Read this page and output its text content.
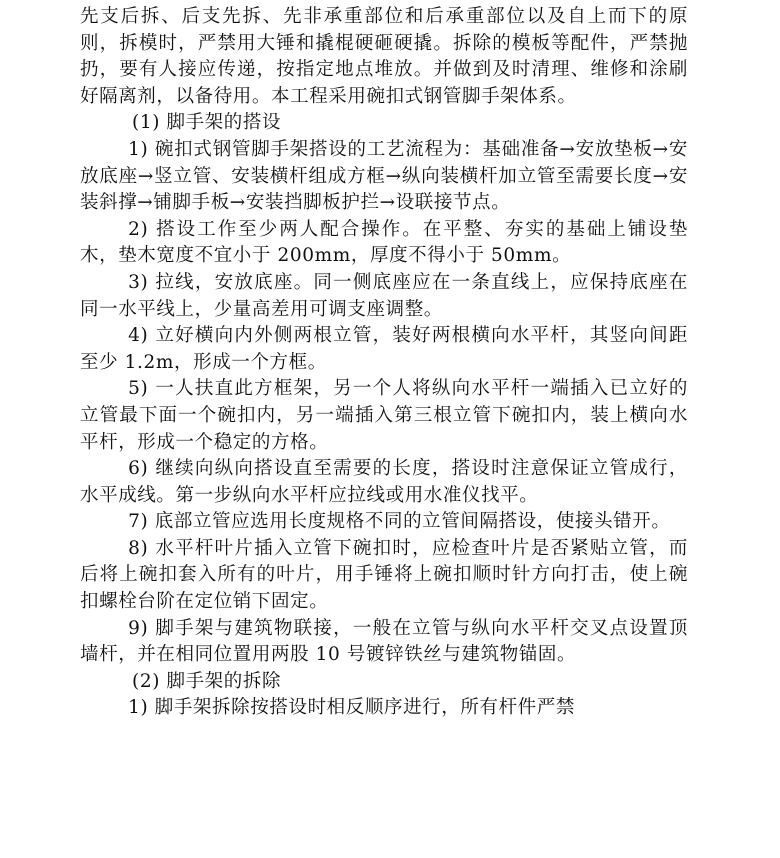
先支后拆、后支先拆、先非承重部位和后承重部位以及自上而下的原则，拆模时，严禁用大锤和撬棍硬砸硬撬。拆除的模板等配件，严禁抛扔，要有人接应传递，按指定地点堆放。并做到及时清理、维修和涂刷好隔离剂，以备待用。本工程采用碗扣式钢管脚手架体系。

(1) 脚手架的搭设

1) 碗扣式钢管脚手架搭设的工艺流程为：基础准备→安放垫板→安放底座→竖立管、安装横杆组成方框→纵向装横杆加立管至需要长度→安装斜撑→铺脚手板→安装挡脚板护拦→设联接节点。

2) 搭设工作至少两人配合操作。在平整、夯实的基础上铺设垫木，垫木宽度不宜小于 200mm，厚度不得小于 50mm。

3) 拉线，安放底座。同一侧底座应在一条直线上，应保持底座在同一水平线上，少量高差用可调支座调整。

4) 立好横向内外侧两根立管，装好两根横向水平杆，其竖向间距至少 1.2m，形成一个方框。

5) 一人扶直此方框架，另一个人将纵向水平杆一端插入已立好的立管最下面一个碗扣内，另一端插入第三根立管下碗扣内，装上横向水平杆，形成一个稳定的方格。

6) 继续向纵向搭设直至需要的长度，搭设时注意保证立管成行，水平成线。第一步纵向水平杆应拉线或用水准仪找平。

7) 底部立管应选用长度规格不同的立管间隔搭设，使接头错开。

8) 水平杆叶片插入立管下碗扣时，应检查叶片是否紧贴立管，而后将上碗扣套入所有的叶片，用手锤将上碗扣顺时针方向打击，使上碗扣螺栓台阶在定位销下固定。

9) 脚手架与建筑物联接，一般在立管与纵向水平杆交叉点设置顶墙杆，并在相同位置用两股 10 号镀锌铁丝与建筑物锚固。

(2) 脚手架的拆除

1) 脚手架拆除按搭设时相反顺序进行，所有杆件严禁
